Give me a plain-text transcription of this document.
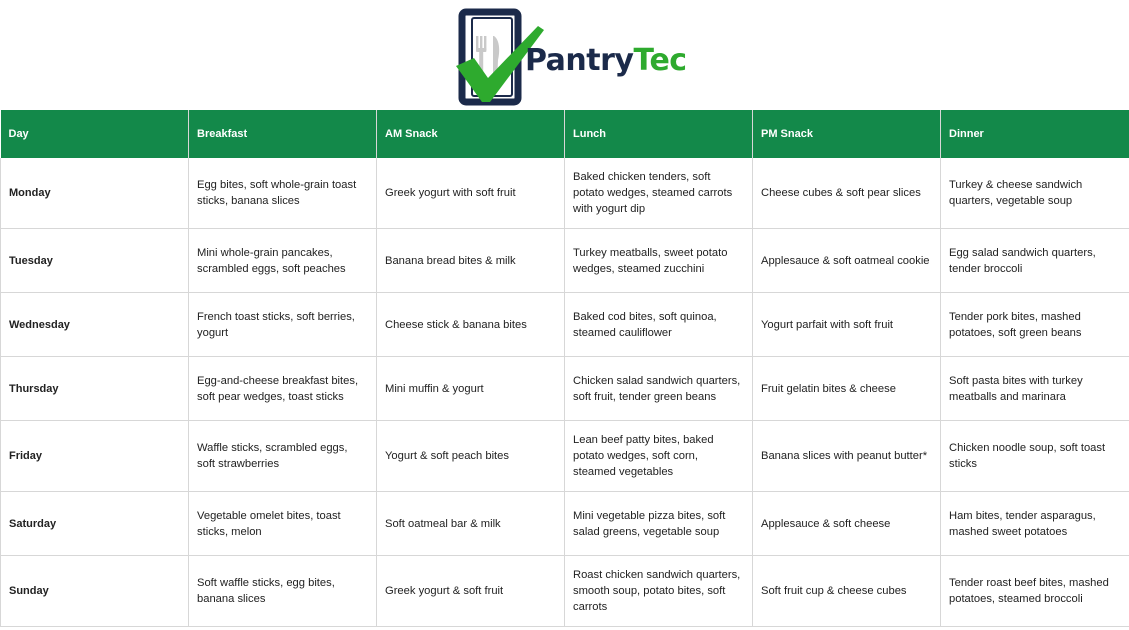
PantryTec
Day	Breakfast	AM Snack	Lunch	PM Snack	Dinner
Monday	Egg bites, soft whole-grain toast sticks, banana slices	Greek yogurt with soft fruit	Baked chicken tenders, soft potato wedges, steamed carrots with yogurt dip	Cheese cubes & soft pear slices	Turkey & cheese sandwich quarters, vegetable soup
Tuesday	Mini whole-grain pancakes, scrambled eggs, soft peaches	Banana bread bites & milk	Turkey meatballs, sweet potato wedges, steamed zucchini	Applesauce & soft oatmeal cookie	Egg salad sandwich quarters, tender broccoli
Wednesday	French toast sticks, soft berries, yogurt	Cheese stick & banana bites	Baked cod bites, soft quinoa, steamed cauliflower	Yogurt parfait with soft fruit	Tender pork bites, mashed potatoes, soft green beans
Thursday	Egg-and-cheese breakfast bites, soft pear wedges, toast sticks	Mini muffin & yogurt	Chicken salad sandwich quarters, soft fruit, tender green beans	Fruit gelatin bites & cheese	Soft pasta bites with turkey meatballs and marinara
Friday	Waffle sticks, scrambled eggs, soft strawberries	Yogurt & soft peach bites	Lean beef patty bites, baked potato wedges, soft corn, steamed vegetables	Banana slices with peanut butter*	Chicken noodle soup, soft toast sticks
Saturday	Vegetable omelet bites, toast sticks, melon	Soft oatmeal bar & milk	Mini vegetable pizza bites, soft salad greens, vegetable soup	Applesauce & soft cheese	Ham bites, tender asparagus, mashed sweet potatoes
Sunday	Soft waffle sticks, egg bites, banana slices	Greek yogurt & soft fruit	Roast chicken sandwich quarters, smooth soup, potato bites, soft carrots	Soft fruit cup & cheese cubes	Tender roast beef bites, mashed potatoes, steamed broccoli
